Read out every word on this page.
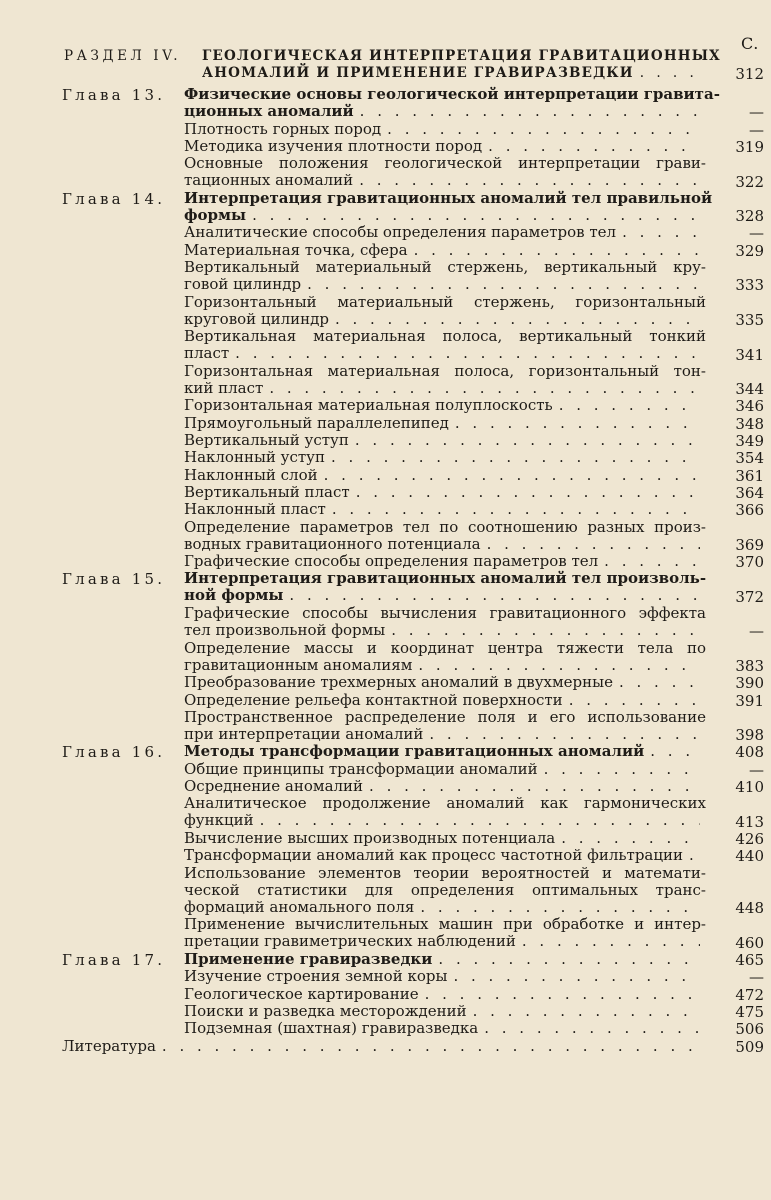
С.
РАЗДЕЛ IV. ГЕОЛОГИЧЕСКАЯ ИНТЕРПРЕТАЦИЯ ГРАВИТАЦИОННЫХ
АНОМАЛИЙ И ПРИМЕНЕНИЕ ГРАВИРАЗВЕДКИ . . .	312
Глава 13. Физические основы геологической интерпретации гравита-
ционных аномалий . . .	—
Плотность горных пород . . .	—
Методика изучения плотности пород . . .	319
Основные положения геологической интерпретации грави-
тационных аномалий . . .	322
Глава 14. Интерпретация гравитационных аномалий тел правильной
формы . . .	328
Аналитические способы определения параметров тел . . .	—
Материальная точка, сфера . . .	329
Вертикальный материальный стержень, вертикальный кру-
говой цилиндр . . .	333
Горизонтальный материальный стержень, горизонтальный
круговой цилиндр . . .	335
Вертикальная материальная полоса, вертикальный тонкий
пласт . . .	341
Горизонтальная материальная полоса, горизонтальный тон-
кий пласт . . .	344
Горизонтальная материальная полуплоскость . . .	346
Прямоугольный параллелепипед . . .	348
Вертикальный уступ . . .	349
Наклонный уступ . . .	354
Наклонный слой . . .	361
Вертикальный пласт . . .	364
Наклонный пласт . . .	366
Определение параметров тел по соотношению разных произ-
водных гравитационного потенциала . . .	369
Графические способы определения параметров тел . . .	370
Глава 15. Интерпретация гравитационных аномалий тел произволь-
ной формы . . .	372
Графические способы вычисления гравитационного эффекта
тел произвольной формы . . .	—
Определение массы и координат центра тяжести тела по
гравитационным аномалиям . . .	383
Преобразование трехмерных аномалий в двухмерные . . .	390
Определение рельефа контактной поверхности . . .	391
Пространственное распределение поля и его использование
при интерпретации аномалий . . .	398
Глава 16. Методы трансформации гравитационных аномалий . . .	408
Общие принципы трансформации аномалий . . .	—
Осреднение аномалий . . .	410
Аналитическое продолжение аномалий как гармонических
функций . . .	413
Вычисление высших производных потенциала . . .	426
Трансформации аномалий как процесс частотной фильтрации . . .	440
Использование элементов теории вероятностей и математи-
ческой статистики для определения оптимальных транс-
формаций аномального поля . . .	448
Применение вычислительных машин при обработке и интер-
претации гравиметрических наблюдений . . .	460
Глава 17. Применение гравиразведки . . .	465
Изучение строения земной коры . . .	—
Геологическое картирование . . .	472
Поиски и разведка месторождений . . .	475
Подземная (шахтная) гравиразведка . . .	506
Литература . . .	509
